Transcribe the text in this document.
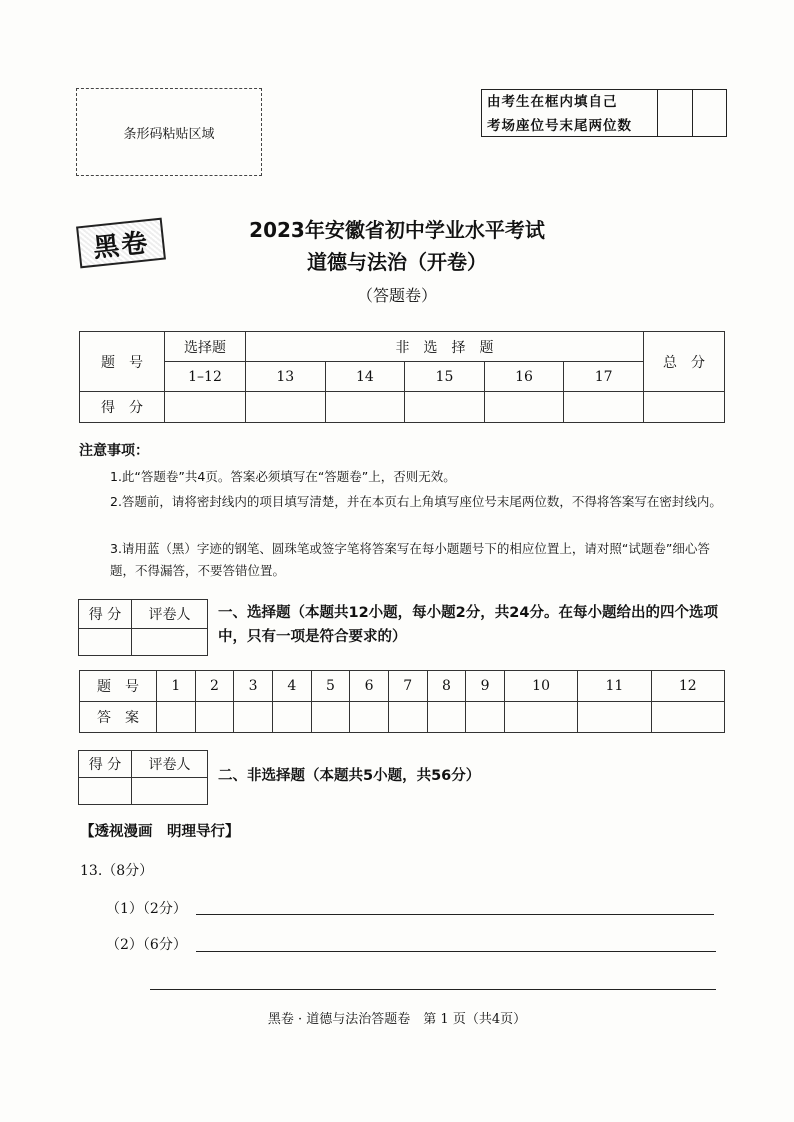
条形码粘贴区域
由考生在框内填自己
考场座位号末尾两位数
黑卷	2023年安徽省初中学业水平考试
道德与法治（开卷）
（答题卷）
题　号	选择题	非　选　择　题					总　分
	1–12	13	14	15	16	17	
得　分							
注意事项：
1.此“答题卷”共4页。答案必须填写在“答题卷”上，否则无效。
2.答题前，请将密封线内的项目填写清楚，并在本页右上角填写座位号末尾两位数，不得将答案写在密封线内。
3.请用蓝（黑）字迹的钢笔、圆珠笔或签字笔将答案写在每小题题号下的相应位置上，请对照“试题卷”细心答题，不得漏答，不要答错位置。
得 分	评卷人
	一、选择题（本题共12小题，每小题2分，共24分。在每小题给出的四个选项中，只有一项是符合要求的）
题　号	1	2	3	4	5	6	7	8	9	10	11	12
答　案												
得 分	评卷人

二、非选择题（本题共5小题，共56分）
【透视漫画　明理导行】
13.（8分）
（1）（2分）
（2）（6分）
黑卷 · 道德与法治答题卷　第 1 页（共4页）
